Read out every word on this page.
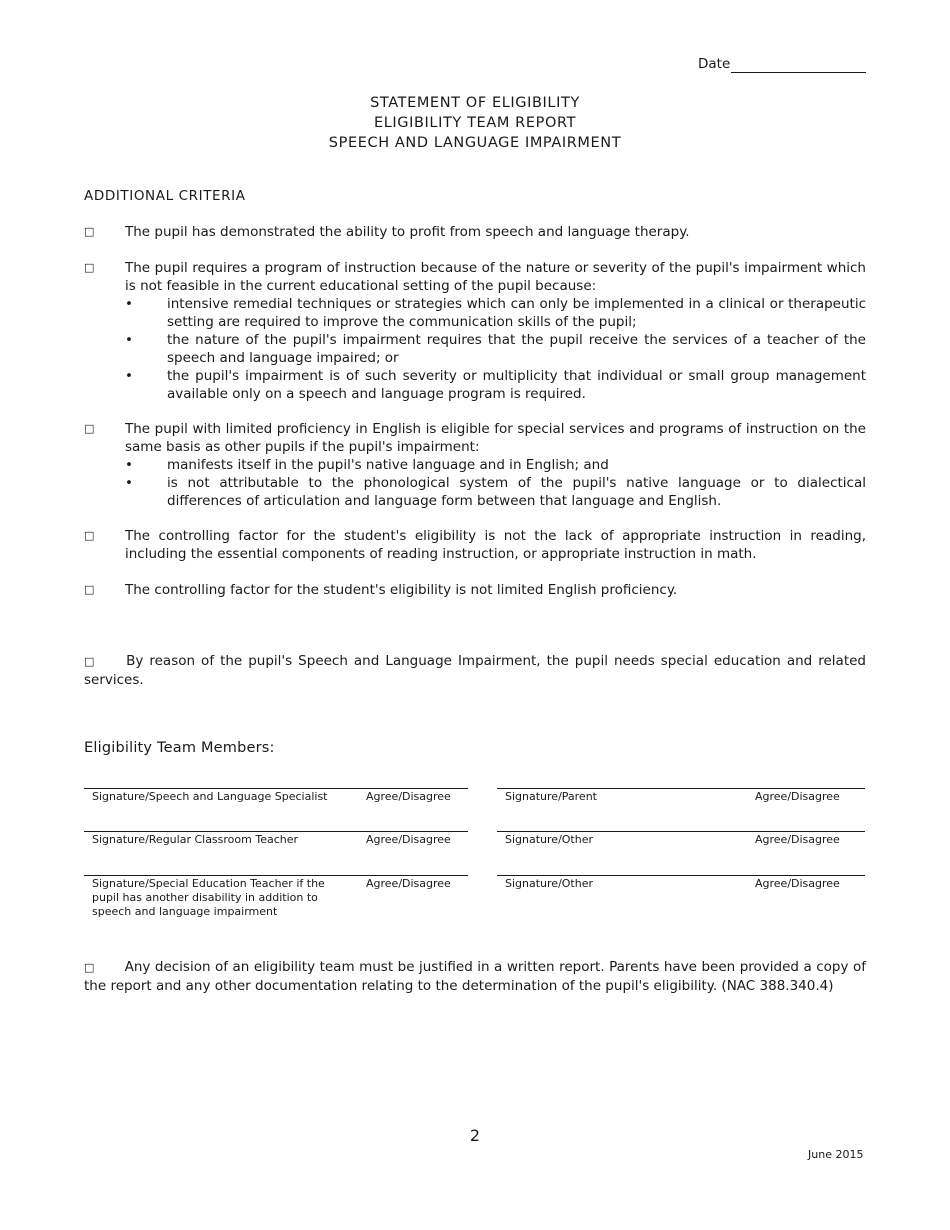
Date
STATEMENT OF ELIGIBILITY
ELIGIBILITY TEAM REPORT
SPEECH AND LANGUAGE IMPAIRMENT
ADDITIONAL CRITERIA
□ The pupil has demonstrated the ability to profit from speech and language therapy.
□ The pupil requires a program of instruction because of the nature or severity of the pupil's impairment which is not feasible in the current educational setting of the pupil because:
•	intensive remedial techniques or strategies which can only be implemented in a clinical or therapeutic setting are required to improve the communication skills of the pupil;
•	the nature of the pupil's impairment requires that the pupil receive the services of a teacher of the speech and language impaired; or
•	the pupil's impairment is of such severity or multiplicity that individual or small group management available only on a speech and language program is required.
□ The pupil with limited proficiency in English is eligible for special services and programs of instruction on the same basis as other pupils if the pupil's impairment:
•	manifests itself in the pupil's native language and in English; and
•	is not attributable to the phonological system of the pupil's native language or to dialectical differences of articulation and language form between that language and English.
□ The controlling factor for the student's eligibility is not the lack of appropriate instruction in reading, including the essential components of reading instruction, or appropriate instruction in math.
□ The controlling factor for the student's eligibility is not limited English proficiency.
□ By reason of the pupil's Speech and Language Impairment, the pupil needs special education and related services.
Eligibility Team Members:
Signature/Speech and Language Specialist	Agree/Disagree
Signature/Regular Classroom Teacher	Agree/Disagree
Signature/Special Education Teacher if the pupil has another disability in addition to speech and language impairment
Agree/Disagree
Signature/Parent	Agree/Disagree
Signature/Other	Agree/Disagree
Signature/Other	Agree/Disagree
□ Any decision of an eligibility team must be justified in a written report. Parents have been provided a copy of the report and any other documentation relating to the determination of the pupil's eligibility. (NAC 388.340.4)
2
June 2015
